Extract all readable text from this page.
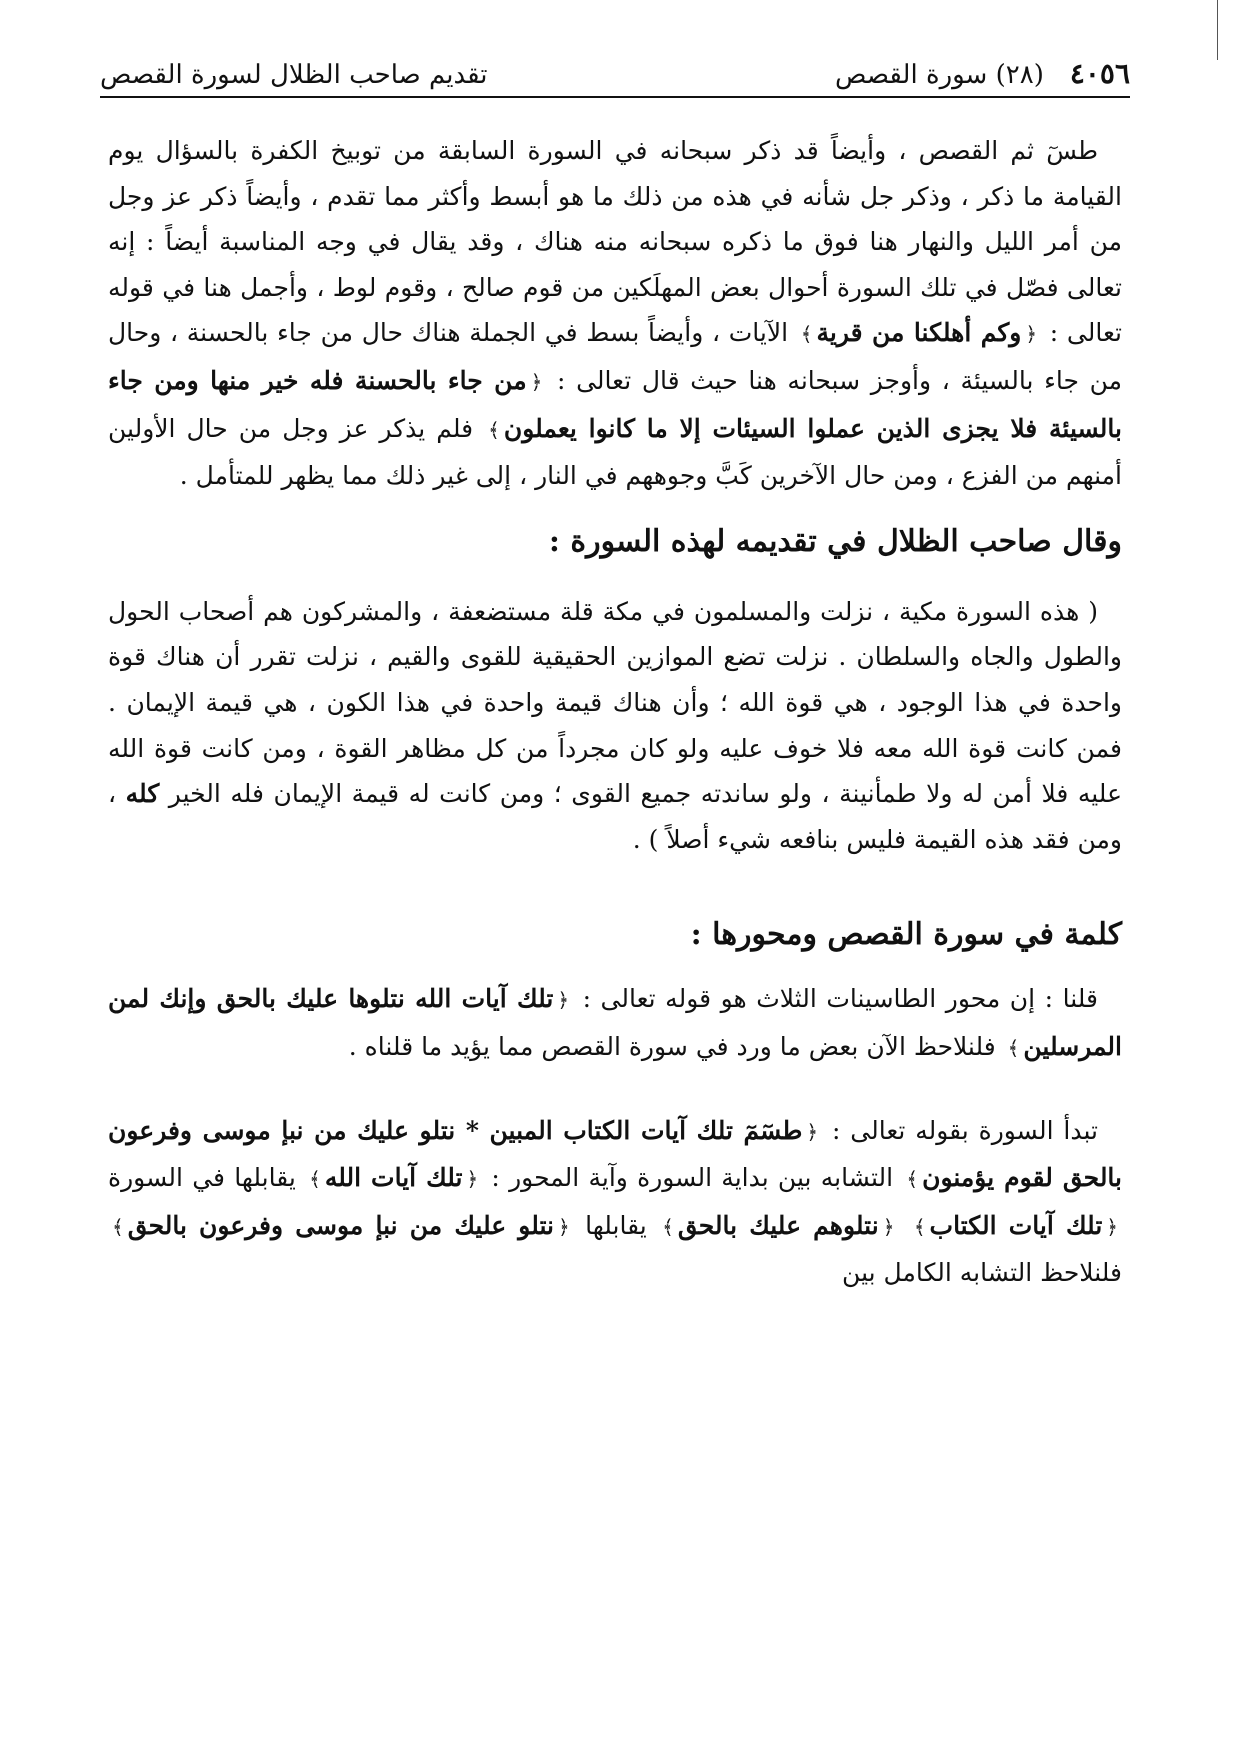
٤٠٥٦
(٢٨) سورة القصص
تقديم صاحب الظلال لسورة القصص

طسٓ ثم القصص ، وأيضاً قد ذكر سبحانه في السورة السابقة من توبيخ الكفرة بالسؤال يوم القيامة ما ذكر ، وذكر جل شأنه في هذه من ذلك ما هو أبسط وأكثر مما تقدم ، وأيضاً ذكر عز وجل من أمر الليل والنهار هنا فوق ما ذكره سبحانه منه هناك ، وقد يقال في وجه المناسبة أيضاً : إنه تعالى فصّل في تلك السورة أحوال بعض المهلَكين من قوم صالح ، وقوم لوط ، وأجمل هنا في قوله تعالى : ﴿وكم أهلكنا من قرية﴾ الآيات ، وأيضاً بسط في الجملة هناك حال من جاء بالحسنة ، وحال من جاء بالسيئة ، وأوجز سبحانه هنا حيث قال تعالى : ﴿من جاء بالحسنة فله خير منها ومن جاء بالسيئة فلا يجزى الذين عملوا السيئات إلا ما كانوا يعملون﴾ فلم يذكر عز وجل من حال الأولين أمنهم من الفزع ، ومن حال الآخرين كَبَّ وجوههم في النار ، إلى غير ذلك مما يظهر للمتأمل .

وقال صاحب الظلال في تقديمه لهذه السورة :

( هذه السورة مكية ، نزلت والمسلمون في مكة قلة مستضعفة ، والمشركون هم أصحاب الحول والطول والجاه والسلطان . نزلت تضع الموازين الحقيقية للقوى والقيم ، نزلت تقرر أن هناك قوة واحدة في هذا الوجود ، هي قوة الله ؛ وأن هناك قيمة واحدة في هذا الكون ، هي قيمة الإيمان . فمن كانت قوة الله معه فلا خوف عليه ولو كان مجرداً من كل مظاهر القوة ، ومن كانت قوة الله عليه فلا أمن له ولا طمأنينة ، ولو ساندته جميع القوى ؛ ومن كانت له قيمة الإيمان فله الخير كله ، ومن فقد هذه القيمة فليس بنافعه شيء أصلاً ) .

كلمة في سورة القصص ومحورها :

قلنا : إن محور الطاسينات الثلاث هو قوله تعالى : ﴿تلك آيات الله نتلوها عليك بالحق وإنك لمن المرسلين﴾ فلنلاحظ الآن بعض ما ورد في سورة القصص مما يؤيد ما قلناه .

تبدأ السورة بقوله تعالى : ﴿طسٓمٓ تلك آيات الكتاب المبين * نتلو عليك من نبإ موسى وفرعون بالحق لقوم يؤمنون﴾ التشابه بين بداية السورة وآية المحور : ﴿تلك آيات الله﴾ يقابلها في السورة ﴿تلك آيات الكتاب﴾ ﴿نتلوهم عليك بالحق﴾ يقابلها ﴿نتلو عليك من نبإ موسى وفرعون بالحق﴾ فلنلاحظ التشابه الكامل بين
